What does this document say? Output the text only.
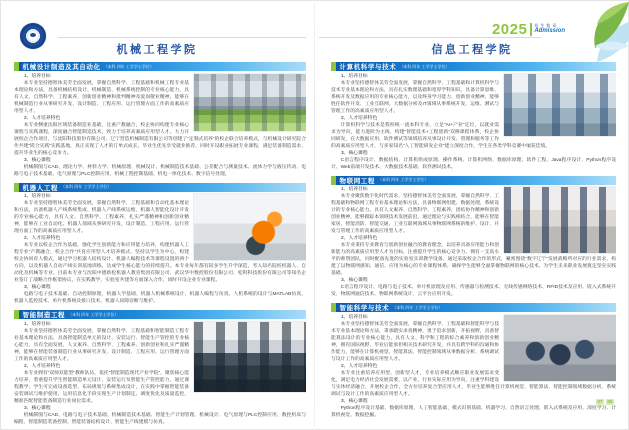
机械工程学院	信息工程学院
2025 招生简章
Admission
机械设计制造及其自动化 （本科 四年 工学学士学位）

1、培养目标

本专业坚持德智体美劳全面发展，掌握自然科学、工程基础和机械工程专业基本理论和方法，具备机械结构设计、机械制造、机械系统控制的专业核心能力，具有人文、自然科学、工程素养，创新创业精神和批判精神及爱岗敬业精神，能够在机械制造行业从事研究开发、设计制造、工程应用、运行管理方面工作的高素质应用型人才。

2、人才培养特色

本专业侧重沈阳区域装备制造业基础，注重产教融合，校企协同构建专业核心课程与实践课程，深度融合智能制造技术，致力于培养高素质应用型人才。大力开展校企合作项目，与沈阳科技股份有限公司、辽宁营造机械制造有限公司等创建了“定制式培养”的校企联合培养模式，与机械设计研究院合作共建“嵌合实践”实践基地，真正实现了人才的订单式成长，毕业生优先享受就业推荐，同时开设职业拓展专业课程，满足装备制造需求，提升毕业生的核心竞争力。

3、核心课程

机械制图与CAD、理论力学、材料力学、机械原理、机械设计、机械制造技术基础、公差配合与测量技术、流体力学与液压传动、电路与电子技术基础、电气原理与PLC控制应用、机械工程控制基础、机电一体化技术、数字信号处理。

机器人工程 （本科 四年 工学学士学位）

1、培养目标

本专业坚持德智体美劳全面发展，掌握自然科学、工程基础和自动化基本理论和方法，具备机器人产线系统集成、机器人产线系统运维、机器人智能化设计开发的专业核心能力，具有人文、自然科学、工程素养，扎实严谨精神和创新创业精神，能够在工业自动化、机器人领域从事研究开发、设计制造、工程应用、运行管理方面工作的高素质应用型人才。

2、人才培养特色

本专业以校企合作为基础，强化学生创新能力和应用能力培养，构建机器人工程专业“产教融合、校企合作”共育应用型人才培养模式，坚持以学生为中心，构建校企协同育人模式，通过学习机器人结构设计、机器人编程技术等课程设置的两个方向，以及机器人自动产线实训基地训练，达成学生核心能力的持续提升。本专业每年都有较多学生升学深造，考入知名院校机器人、自动化及机械等专业。目前本专业与沈阳中德新松机器人教育集团有限公司、武汉华中数控股份有限公司、松科科技股份有限公司等知名企业签订了战略合作框架协议，在实践教学、实验室共建等方面深入合作，同时开设企业专业课程。

3、核心课程

电路与电子技术基础、自动控制原理、机器人学基础、机器人机械系统设计、机器人编程与仿真、人机系统的设计与MATLAB仿真、机器人监控技术、单片机系统及接口技术、机器人故障诊断与维护。

智能制造工程 （本科 四年 工学学士学位）

1、培养目标

本专业坚持德智体美劳全面发展，掌握自然科学、工程基础和智能制造工程专业基本理论和方法，具备智能制造单元的设计、安装运行、智能生产管控的专业核心能力，具有全面发展、人文素养、自然科学、工程素养、创新创业和扎实严谨精神，能够在智能装备制造行业从事研究开发、设计制造、工程应用、运行管理方面工作的高素质应用型人才。

2、人才培养特色

本专业拥有“双师双能型”教师队伍，依托“智能制造现代产业学院”，聚焦核心能力培养，着重提升学生智能制造单元设计、安装运行及智能生产管控能力，通过课程教学，学生可完成设备选型、布局规划与系统集成设计，在实践中掌握智能装备安装调试与维护使用，运用信息化手段实现生产计划制定、调度优化及质量监控，精准匹配智能装备制造行业岗位需求。

3、核心课程

机械制图与CAD、电路与电子技术基础、机械制造技术基础、智能生产计划管理、机械设计、电气原理与PLC控制应用、数控机床与编程、智能制造装备控制、智能装备结构设计、智能生产线建模与仿真。

计算机科学与技术 （本科 四年 工学学士学位）

1、培养目标

本专业坚持德智体美劳全面发展，掌握自然科学、工程基础和计算机科学与技术专业基本理论和方法，具有扎实数理基础和宽厚学科知识，具备计算思维、系统开发及数据应用的专业核心能力，以及终身学习能力、创新创业精神，能够胜任软件开发、工业互联网、大数据分析及IT领域从事系统开发、运维、测试与管理工作的高素质应用型人才。

2、人才培养特色

计算机科学与技术是我校统一流本科专业，立足“AI+产业”定位，以就业需求为导向，能力进阶为主线，构建“智能技术+工程创新”双修课程体系，校企协同研发，在大数据应用、软件测试等领域培养从事设计开发、管理和服务等工作的高素质应用型人才，与多家知名“人工智能研发企业”建立深度合作，学生在各类学科竞赛中屡获佳绩。

3、核心课程

C语言程序设计、数据结构、计算机组成原理、操作系统、计算机网络、数据库原理、软件工程、Java程序设计、Python程序设计、Web前端开发技术、大数据技术基础、软件测试技术。

物联网工程 （本科 四年 工学学士学位）

1、培养目标

本专业聚焦数字化时代需求，坚持德智体美劳全面发展，掌握自然科学、工程基础和物联网工程专业基本理论和方法，具备物联网组建、数据处理、系统设计的专业核心能力，具有人文素养、自然科学、工程素养，团结协作精神和创新创业精神，能够跟踪本领域技术发展前沿，通过理论与实践相结合，能够在智能家居、智能消防、智能交通、工业互联网领域从事物联网系统的维护、设计、开发与管理工作的高素质应用型人才。

2、人才培养特色

本专业秉持专业教育与创新创业融合的教育理念，以培养具备应用能力和创新能力的高素质应用型人才为目标，注重提升学生的核心竞争力，拥有一支高水平的师资团队，同时配备先进的实验室实训教学设备，通过采取校企合作的形式，紧密围绕“数字辽宁”发展战略所对应的行业需求，构建了以物联网感知、通信、应用为核心的专业课程体系，确保学生能够全面掌握物联网的核心技术，为学生未来职业发展奠定坚实实践基础。

3、核心课程

C语言程序设计、电路与电子技术、单片机原理及应用、传感器与检测技术、无线传感网络技术、RFID技术及应用、嵌入式系统开发、物联网通信技术、物联网系统设计、云平台应用开发。

智能科学与技术 （本科 四年 工学学士学位）

1、培养目标

本专业坚持德智体美劳全面发展，掌握自然科学、工程基础和智能科学与技术专业基本理论和方法，秉承踏实求真精神，勇于追求创新，开拓视野，具备智能算法设计的专业核心能力，具有人文、科学和工程的综合素养和创新创业精神，拥有国际视野，毕业后能承担相关技术研究开发，并具有跨学科的沟通和协作能力，能够在计算机视觉、智能算法、智能控制领域从事数据分析、系统调试与设计工作的高素质应用型人才。

2、人才培养特色

本专业注重培养应用型、创新型人才，专业培养模式顺应职业发展需求变化，满足电力经济社会发展需要，以产业、行业实际应用为导向，注重学科建设与实体经济融合，开展校企合作，全方位培养复合型应用人才，毕业生能够胜任计算机视觉、智能算法、智能控制领域数据分析、系统调试与设计工作的高素质应用型人才。

3、核心课程

Python程序设计基础、数据库原理、人工智能基础、模式识别基础、机器学习、自然语言处理、嵌入式系统及应用、深度学习、计算机视觉、数据挖掘。

07	08
